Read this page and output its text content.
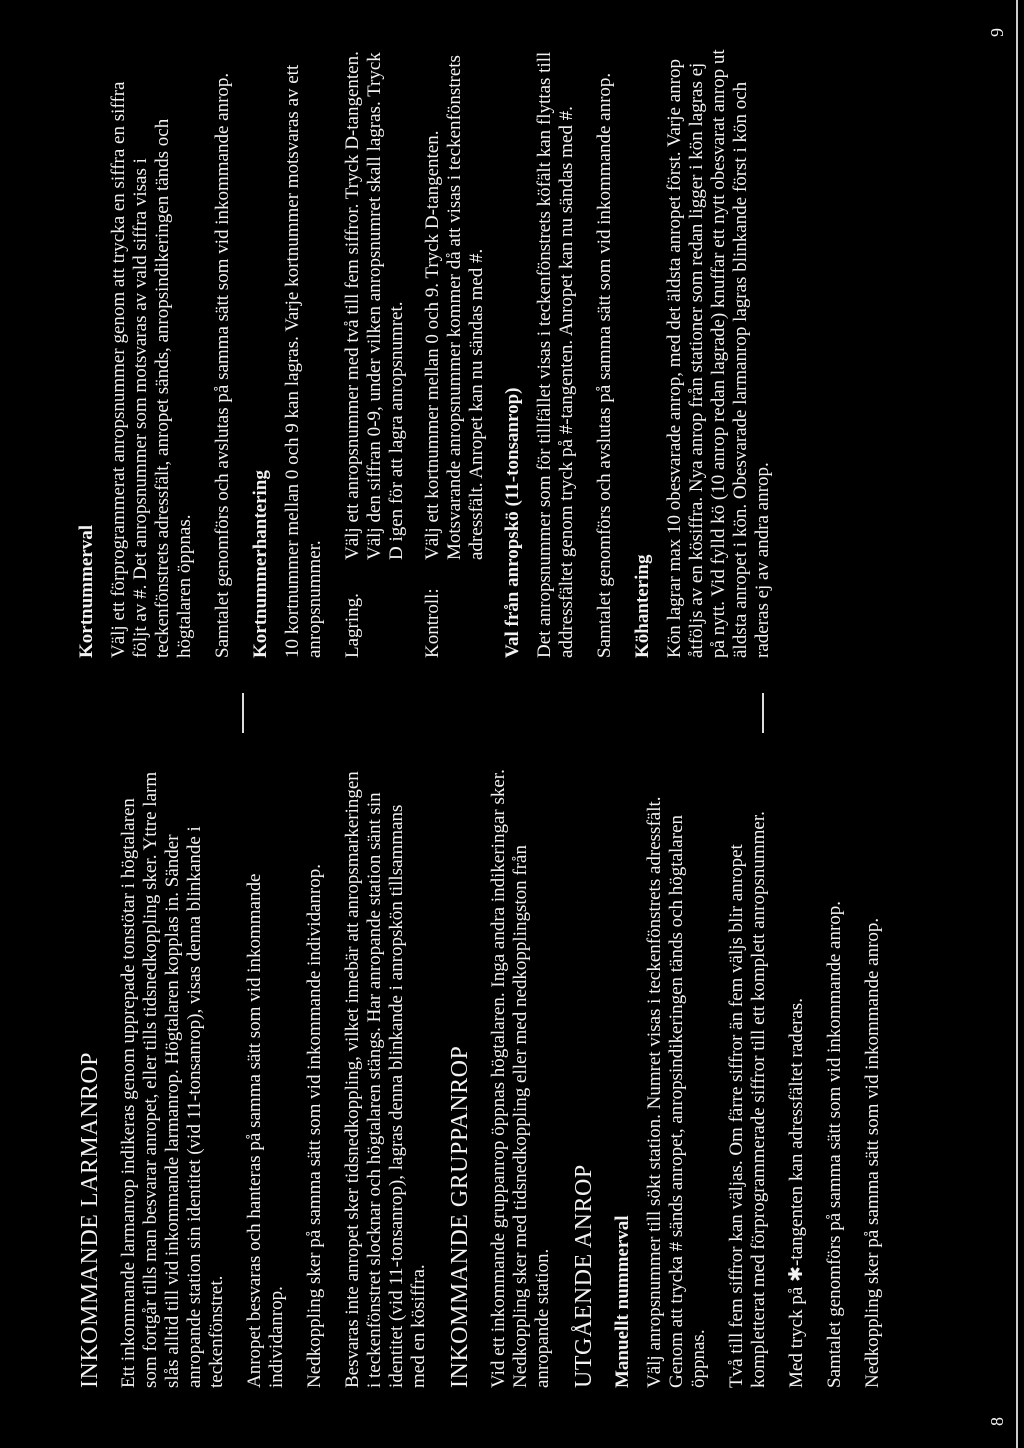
INKOMMANDE LARMANROP Ett inkommande larmanrop indikeras genom upprepade tonstötar i högtalaren som fortgår tills man besvarar anropet, eller tills tidsnedkoppling sker. Yttre larm slås alltid till vid inkommande larmanrop. Högtalaren kopplas in. Sänder anropande station sin identitet (vid 11-tonsanrop), visas denna blinkande i teckenfönstret. Anropet besvaras och hanteras på samma sätt som vid inkommande individanrop. Nedkoppling sker på samma sätt som vid inkommande individanrop. Besvaras inte anropet sker tidsnedkoppling, vilket innebär att anropsmarkeringen i teckenfönstret slocknar och högtalaren stängs. Har anropande station sänt sin identitet (vid 11-tonsanrop), lagras denna blinkande i anropskön tillsammans med en kösiffra. INKOMMANDE GRUPPANROP Vid ett inkommande gruppanrop öppnas högtalaren. Inga andra indikeringar sker. Nedkoppling sker med tidsnedkoppling eller med nedkopplingston från anropande station. UTGÅENDE ANROP Manuellt nummerval Välj anropsnummer till sökt station. Numret visas i teckenfönstrets adressfält. Genom att trycka # sänds anropet, anropsindikeringen tänds och högtalaren öppnas. Två till fem siffror kan väljas. Om färre siffror än fem väljs blir anropet kompletterat med förprogrammerade siffror till ett komplett anropsnummer. Med tryck på ✱-tangenten kan adressfältet raderas. Samtalet genomförs på samma sätt som vid inkommande anrop. Nedkoppling sker på samma sätt som vid inkommande anrop.

Kortnummerval Välj ett förprogrammerat anropsnummer genom att trycka en siffra en siffra följt av #. Det anropsnummer som motsvaras av vald siffra visas i teckenfönstrets adressfält, anropet sänds, anropsindikeringen tänds och högtalaren öppnas. Samtalet genomförs och avslutas på samma sätt som vid inkommande anrop. Kortnummerhantering 10 kortnummer mellan 0 och 9 kan lagras. Varje kortnummer motsvaras av ett anropsnummer. Lagring.
Välj ett anropsnummer med två till fem siffror. Tryck D-tangenten. Välj den siffran 0-9, under vilken anropsnumret skall lagras. Tryck D igen för att lagra anropsnumret.
Kontroll:
Välj ett kortnummer mellan 0 och 9. Tryck D-tangenten. Motsvarande anropsnummer kommer då att visas i teckenfönstrets adressfält. Anropet kan nu sändas med #. Val från anropskö (11-tonsanrop) Det anropsnummer som för tillfället visas i teckenfönstrets köfält kan flyttas till addressfältet genom tryck på #-tangenten. Anropet kan nu sändas med #. Samtalet genomförs och avslutas på samma sätt som vid inkommande anrop. Köhantering Kön lagrar max 10 obesvarade anrop, med det äldsta anropet först. Varje anrop åtföljs av en kösiffra. Nya anrop från stationer som redan ligger i kön lagras ej på nytt. Vid fylld kö (10 anrop redan lagrade) knuffar ett nytt obesvarat anrop ut äldsta anropet i kön. Obesvarade larmanrop lagras blinkande först i kön och raderas ej av andra anrop.

8
9
